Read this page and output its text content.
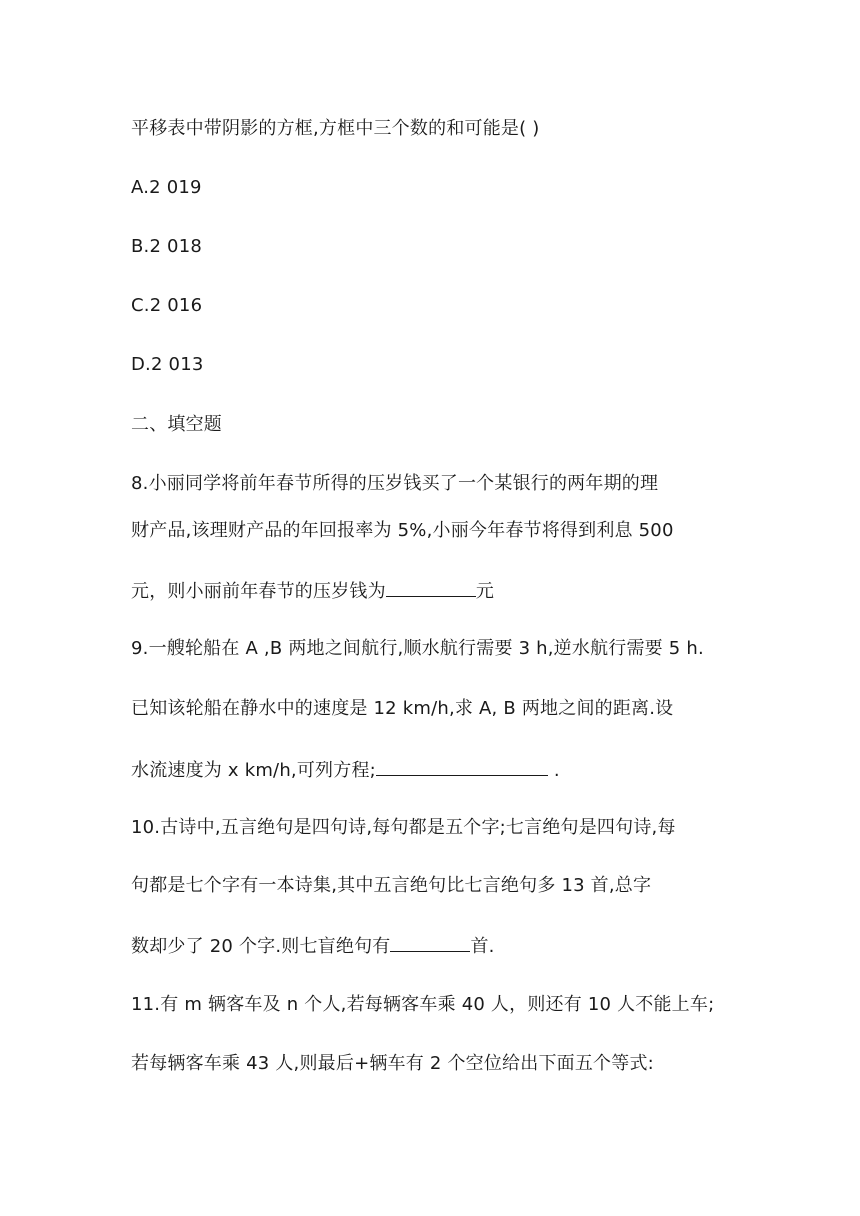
平移表中带阴影的方框,方框中三个数的和可能是( )
A.2 019
B.2 018
C.2 016
D.2 013
二、填空题
8.小丽同学将前年春节所得的压岁钱买了一个某银行的两年期的理
财产品,该理财产品的年回报率为 5%,小丽今年春节将得到利息 500
元，则小丽前年春节的压岁钱为	元
9.一艘轮船在 A ,B 两地之间航行,顺水航行需要 3 h,逆水航行需要 5 h.
已知该轮船在静水中的速度是 12 km/h,求 A, B 两地之间的距离.设
水流速度为 x km/h,可列方程;	.
10.古诗中,五言绝句是四句诗,每句都是五个字;七言绝句是四句诗,每
句都是七个字有一本诗集,其中五言绝句比七言绝句多 13 首,总字
数却少了 20 个字.则七盲绝句有	首.
11.有 m 辆客车及 n 个人,若每辆客车乘 40 人，则还有 10 人不能上车;
若每辆客车乘 43 人,则最后+辆车有 2 个空位给出下面五个等式:
